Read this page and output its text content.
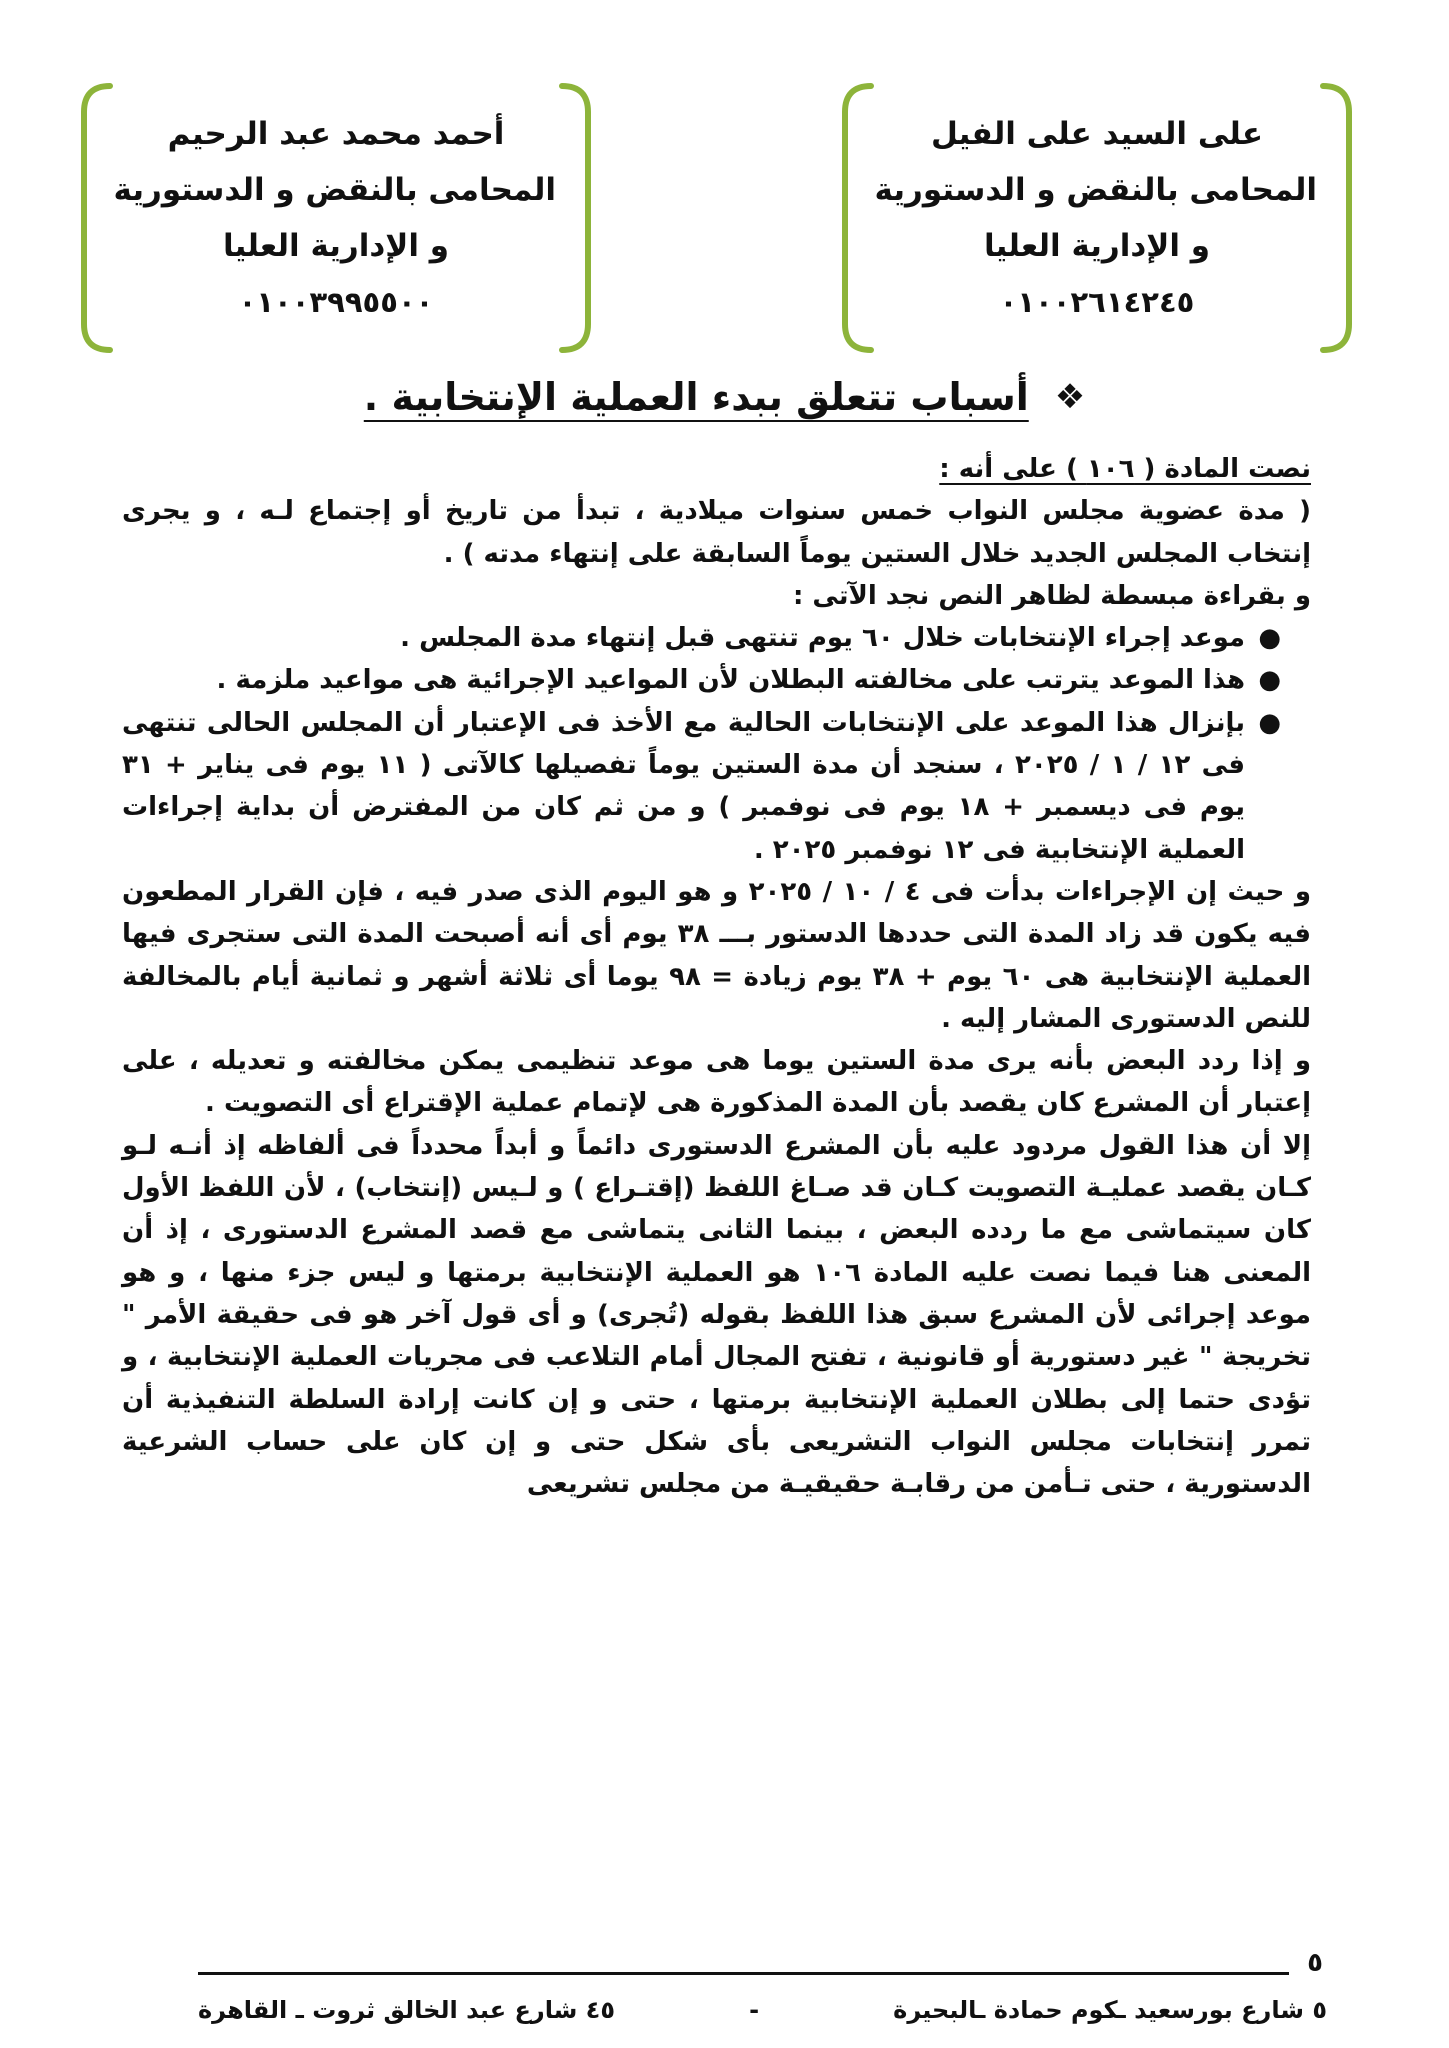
على السيد على الفيل
المحامى بالنقض و الدستورية
و الإدارية العليا
٠١٠٠٢٦١٤٢٤٥
أحمد محمد عبد الرحيم
المحامى بالنقض و الدستورية
و الإدارية العليا
٠١٠٠٣٩٩٥٥٠٠
❖
أسباب تتعلق ببدء العملية الإنتخابية .

نصت المادة ( ١٠٦ ) على أنه :

( مدة عضوية مجلس النواب خمس سنوات ميلادية ، تبدأ من تاريخ أو إجتماع لـه ، و يجرى إنتخاب المجلس الجديد خلال الستين يوماً السابقة على إنتهاء مدته ) .

و بقراءة مبسطة لظاهر النص نجد الآتى :

●
موعد إجراء الإنتخابات خلال ٦٠ يوم تنتهى قبل إنتهاء مدة المجلس .
●
هذا الموعد يترتب على مخالفته البطلان لأن المواعيد الإجرائية هى مواعيد ملزمة .
●
بإنزال هذا الموعد على الإنتخابات الحالية مع الأخذ فى الإعتبار أن المجلس الحالى تنتهى فى ١٢ / ١ / ٢٠٢٥ ، سنجد أن مدة الستين يوماً تفصيلها كالآتى ( ١١ يوم فى يناير + ٣١ يوم فى ديسمبر + ١٨ يوم فى نوفمبر ) و من ثم كان من المفترض أن بداية إجراءات العملية الإنتخابية فى ١٢ نوفمبر ٢٠٢٥ .

و حيث إن الإجراءات بدأت فى ٤ / ١٠ / ٢٠٢٥ و هو اليوم الذى صدر فيه ، فإن القرار المطعون فيه يكون قد زاد المدة التى حددها الدستور بـــ ٣٨ يوم أى أنه أصبحت المدة التى ستجرى فيها العملية الإنتخابية هى ٦٠ يوم + ٣٨ يوم زيادة = ٩٨ يوما أى ثلاثة أشهر و ثمانية أيام بالمخالفة للنص الدستورى المشار إليه .

و إذا ردد البعض بأنه يرى مدة الستين يوما هى موعد تنظيمى يمكن مخالفته و تعديله ، على إعتبار أن المشرع كان يقصد بأن المدة المذكورة هى لإتمام عملية الإقتراع أى التصويت .

إلا أن هذا القول مردود عليه بأن المشرع الدستورى دائماً و أبداً محدداً فى ألفاظه إذ أنـه لـو كـان يقصد عمليـة التصويت كـان قد صـاغ اللفظ (إقتـراع ) و لـيس (إنتخاب) ، لأن اللفظ الأول كان سيتماشى مع ما ردده البعض ، بينما الثانى يتماشى مع قصد المشرع الدستورى ، إذ أن المعنى هنا فيما نصت عليه المادة ١٠٦ هو العملية الإنتخابية برمتها و ليس جزء منها ، و هو موعد إجرائى لأن المشرع سبق هذا اللفظ بقوله (تُجرى) و أى قول آخر هو فى حقيقة الأمر " تخريجة " غير دستورية أو قانونية ، تفتح المجال أمام التلاعب فى مجريات العملية الإنتخابية ، و تؤدى حتما إلى بطلان العملية الإنتخابية برمتها ، حتى و إن كانت إرادة السلطة التنفيذية أن تمرر إنتخابات مجلس النواب التشريعى بأى شكل حتى و إن كان على حساب الشرعية الدستورية ، حتى تـأمن من رقابـة حقيقيـة من مجلس تشريعى

٥
٥ شارع بورسعيد ـكوم حمادة ـالبحيرة
-
٤٥ شارع عبد الخالق ثروت ـ القاهرة
